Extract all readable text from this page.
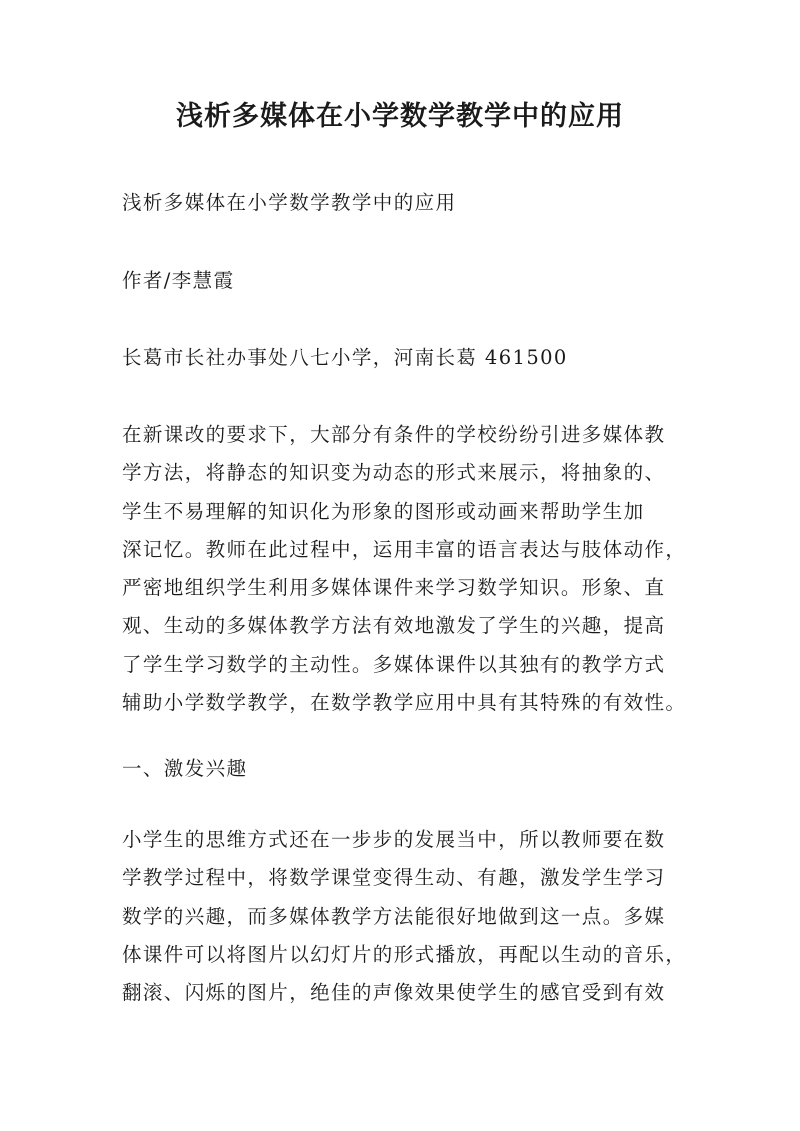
浅析多媒体在小学数学教学中的应用

浅析多媒体在小学数学教学中的应用

作者/李慧霞

长葛市长社办事处八七小学，河南长葛 461500

在新课改的要求下，大部分有条件的学校纷纷引进多媒体教
学方法，将静态的知识变为动态的形式来展示，将抽象的、
学生不易理解的知识化为形象的图形或动画来帮助学生加
深记忆。教师在此过程中，运用丰富的语言表达与肢体动作，
严密地组织学生利用多媒体课件来学习数学知识。形象、直
观、生动的多媒体教学方法有效地激发了学生的兴趣，提高
了学生学习数学的主动性。多媒体课件以其独有的教学方式
辅助小学数学教学，在数学教学应用中具有其特殊的有效性。

一、激发兴趣

小学生的思维方式还在一步步的发展当中，所以教师要在数
学教学过程中，将数学课堂变得生动、有趣，激发学生学习
数学的兴趣，而多媒体教学方法能很好地做到这一点。多媒
体课件可以将图片以幻灯片的形式播放，再配以生动的音乐，
翻滚、闪烁的图片，绝佳的声像效果使学生的感官受到有效
